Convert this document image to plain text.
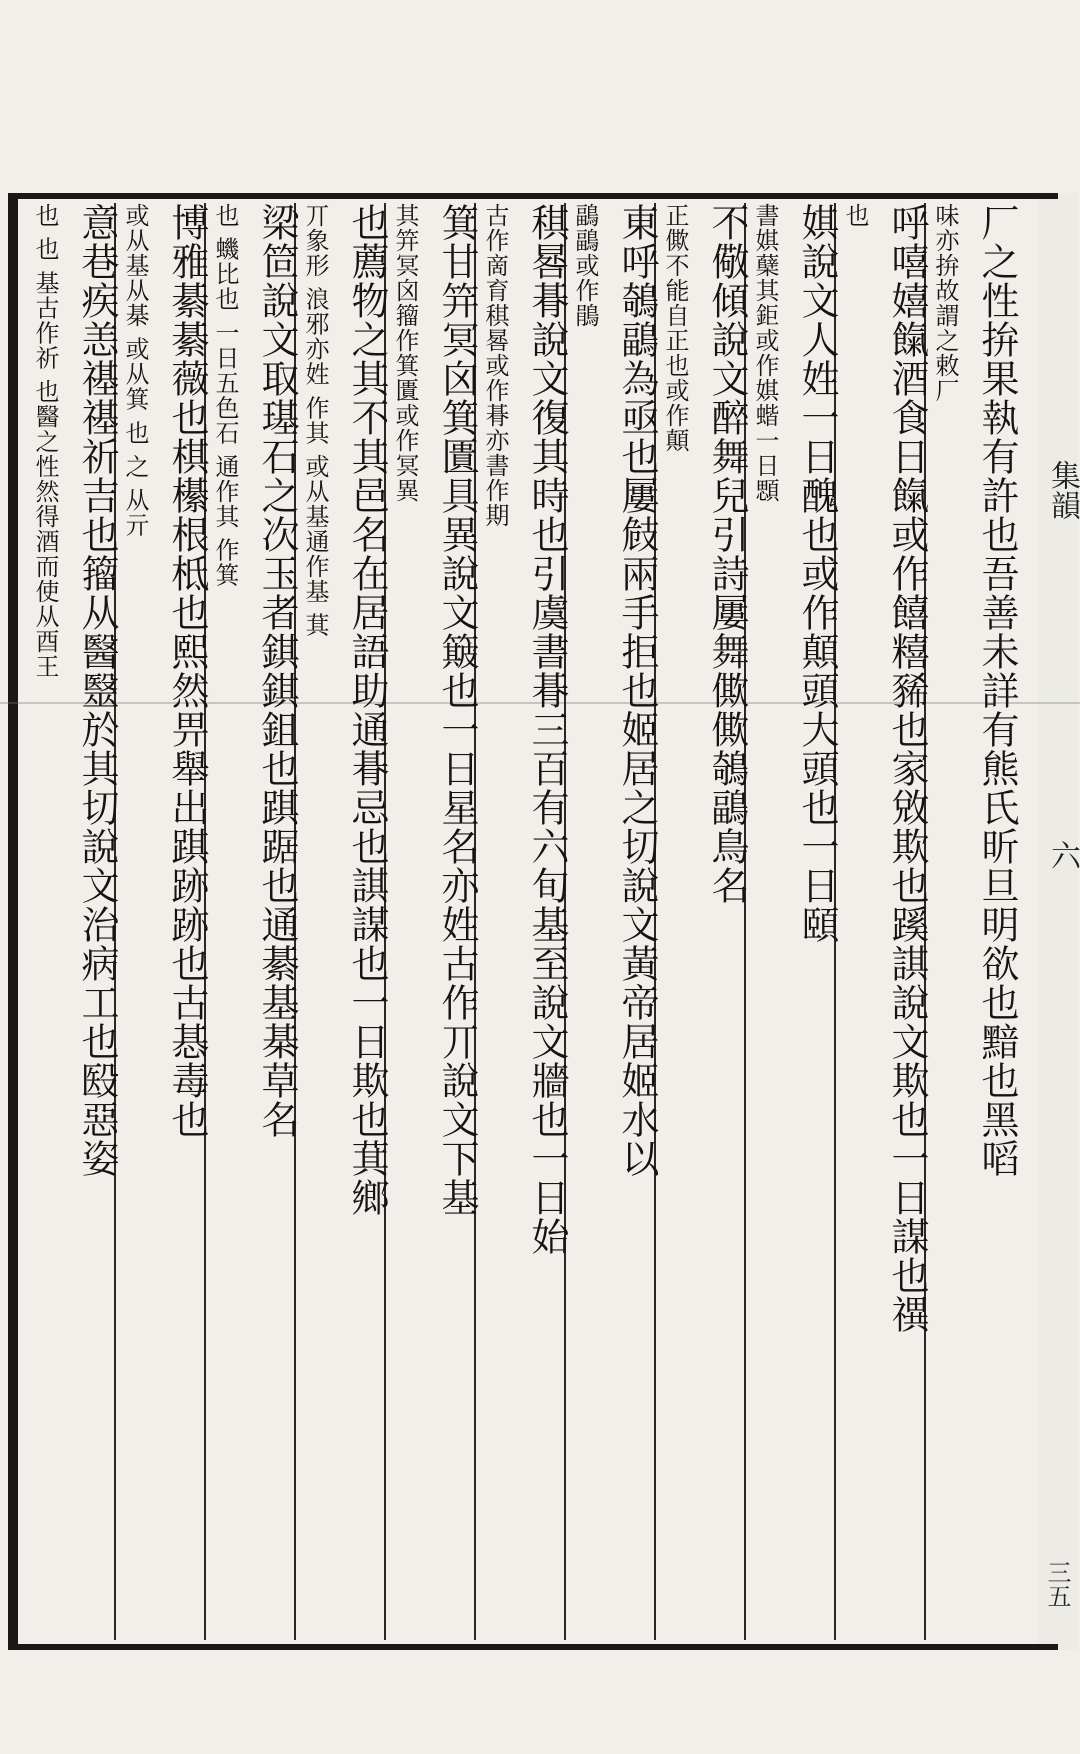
厂之性拚果執有許也吾善未詳有熊氏昕旦明欲也黯也黑㗖
味亦拚故謂之敕厂
呼嘻嬉餼酒食日餼或作饎糦豨也家敓欺也蹊諆說文欺也一日謀也禩
也
娸說文人姓一日醜也或作顛頭大頭也一日頤
書娸蘖其鉅或作娸蝔一日顋
不儆傾說文醉舞兒引詩屢舞僛僛鵸鶝鳥名
正僛不能自正也或作顛
東呼鵸鶝為亟也屢㩻兩手拒也姬居之切說文黃帝居姬水以
鶝鶝或作鵑
稘晷朞說文復其時也引虞書朞三百有六旬基至說文牆也一日始
古作啇育稘晷或作朞亦書作期
箕甘笄冥囟箕匱具異說文簸也一日星名亦姓古作丌說文下基
其笄冥囟籀作箕匱或作冥異
也薦物之其不其邑名在居語助通朞忌也諆謀也一日欺也萁鄉
丌象形 浪邪亦姓 作其 或从基通作基 萁
梁笸說文取璂石之次玉者錤錤鉏也踑踞也通綦基棊草名
也 蟣比也 一日五色石 通作其 作箕
博雅綦綦薇也棋櫀根柢也熙然畀舉出踑跡跡也古惎毒也
或从基从棊 或从箕 也 之 从亓
意巷疾恙禥禥祈吉也籀从醫毉於其切說文治病工也殹惡姿
也 也 基古作祈 也醫之性然得酒而使从酉王	集韻
六
三五
